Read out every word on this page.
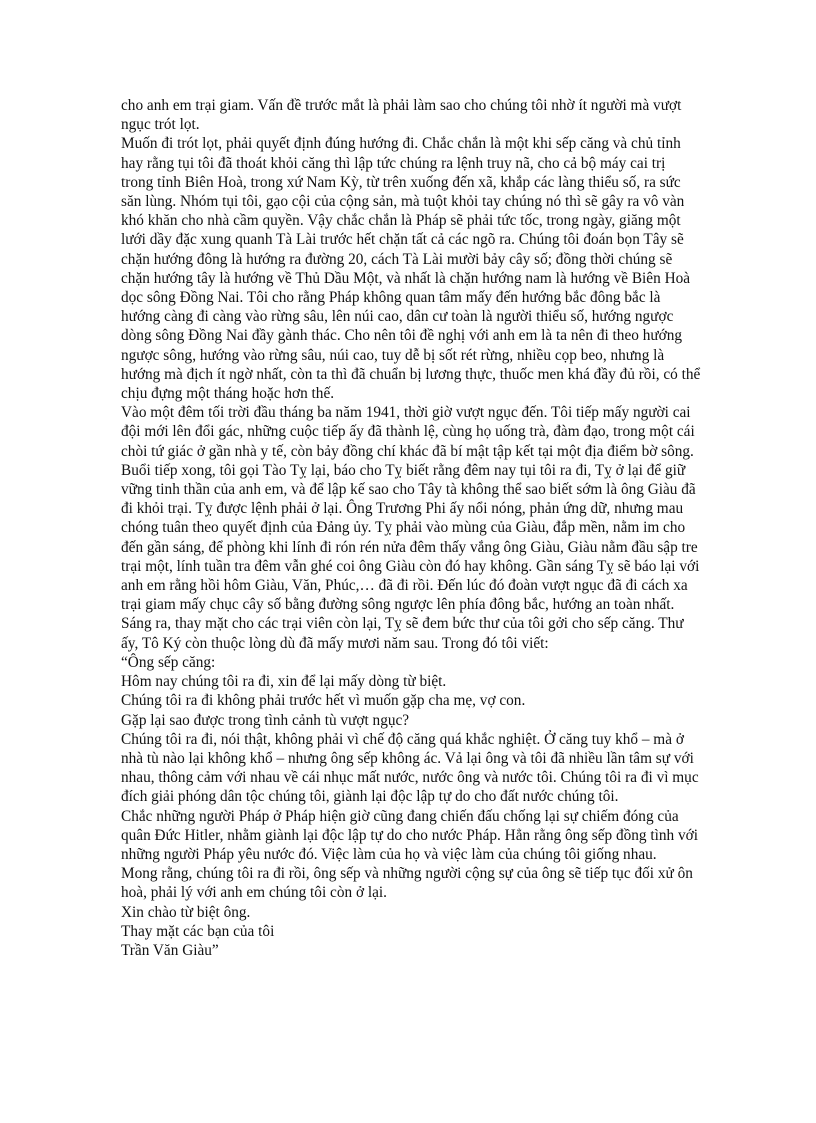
cho anh em trại giam. Vấn đề trước mắt là phải làm sao cho chúng tôi nhờ ít người mà vượt ngục trót lọt.

Muốn đi trót lọt, phải quyết định đúng hướng đi. Chắc chắn là một khi sếp căng và chủ tỉnh hay rằng tụi tôi đã thoát khỏi căng thì lập tức chúng ra lệnh truy nã, cho cả bộ máy cai trị trong tỉnh Biên Hoà, trong xứ Nam Kỳ, từ trên xuống đến xã, khắp các làng thiểu số, ra sức săn lùng. Nhóm tụi tôi, gạo cội của cộng sản, mà tuột khỏi tay chúng nó thì sẽ gây ra vô vàn khó khăn cho nhà cầm quyền. Vậy chắc chắn là Pháp sẽ phải tức tốc, trong ngày, giăng một lưới dầy đặc xung quanh Tà Lài trước hết chặn tất cả các ngõ ra. Chúng tôi đoán bọn Tây sẽ chặn hướng đông là hướng ra đường 20, cách Tà Lài mười bảy cây số; đồng thời chúng sẽ chặn hướng tây là hướng về Thủ Dầu Một, và nhất là chặn hướng nam là hướng về Biên Hoà dọc sông Đồng Nai. Tôi cho rằng Pháp không quan tâm mấy đến hướng bắc đông bắc là hướng càng đi càng vào rừng sâu, lên núi cao, dân cư toàn là người thiểu số, hướng ngược dòng sông Đồng Nai đầy gành thác. Cho nên tôi đề nghị với anh em là ta nên đi theo hướng ngược sông, hướng vào rừng sâu, núi cao, tuy dễ bị sốt rét rừng, nhiều cọp beo, nhưng là hướng mà địch ít ngờ nhất, còn ta thì đã chuẩn bị lương thực, thuốc men khá đầy đủ rồi, có thể chịu đựng một tháng hoặc hơn thế.

Vào một đêm tối trời đầu tháng ba năm 1941, thời giờ vượt ngục đến. Tôi tiếp mấy người cai đội mới lên đổi gác, những cuộc tiếp ấy đã thành lệ, cùng họ uống trà, đàm đạo, trong một cái chòi tứ giác ở gần nhà y tế, còn bảy đồng chí khác đã bí mật tập kết tại một địa điểm bờ sông. Buổi tiếp xong, tôi gọi Tào Tỵ lại, báo cho Tỵ biết rằng đêm nay tụi tôi ra đi, Tỵ ở lại để giữ vững tinh thần của anh em, và để lập kế sao cho Tây tà không thể sao biết sớm là ông Giàu đã đi khỏi trại. Tỵ được lệnh phải ở lại. Ông Trương Phi ấy nổi nóng, phản ứng dữ, nhưng mau chóng tuân theo quyết định của Đảng ủy. Tỵ phải vào mùng của Giàu, đắp mền, nằm im cho đến gần sáng, để phòng khi lính đi rón rén nửa đêm thấy vắng ông Giàu, Giàu nằm đầu sập tre trại một, lính tuần tra đêm vẫn ghé coi ông Giàu còn đó hay không. Gần sáng Tỵ sẽ báo lại với anh em rằng hồi hôm Giàu, Văn, Phúc,… đã đi rồi. Đến lúc đó đoàn vượt ngục đã đi cách xa trại giam mấy chục cây số bằng đường sông ngược lên phía đông bắc, hướng an toàn nhất. Sáng ra, thay mặt cho các trại viên còn lại, Tỵ sẽ đem bức thư của tôi gởi cho sếp căng. Thư ấy, Tô Ký còn thuộc lòng dù đã mấy mươi năm sau. Trong đó tôi viết:

“Ông sếp căng:

Hôm nay chúng tôi ra đi, xin để lại mấy dòng từ biệt.

Chúng tôi ra đi không phải trước hết vì muốn gặp cha mẹ, vợ con.

Gặp lại sao được trong tình cảnh tù vượt ngục?

Chúng tôi ra đi, nói thật, không phải vì chế độ căng quá khắc nghiệt. Ở căng tuy khổ – mà ở nhà tù nào lại không khổ – nhưng ông sếp không ác. Vả lại ông và tôi đã nhiều lần tâm sự với nhau, thông cảm với nhau về cái nhục mất nước, nước ông và nước tôi. Chúng tôi ra đi vì mục đích giải phóng dân tộc chúng tôi, giành lại độc lập tự do cho đất nước chúng tôi.

Chắc những người Pháp ở Pháp hiện giờ cũng đang chiến đấu chống lại sự chiếm đóng của quân Đức Hitler, nhằm giành lại độc lập tự do cho nước Pháp. Hẳn rằng ông sếp đồng tình với những người Pháp yêu nước đó. Việc làm của họ và việc làm của chúng tôi giống nhau.

Mong rằng, chúng tôi ra đi rồi, ông sếp và những người cộng sự của ông sẽ tiếp tục đối xử ôn hoà, phải lý với anh em chúng tôi còn ở lại.

Xin chào từ biệt ông.

Thay mặt các bạn của tôi

Trần Văn Giàu”
